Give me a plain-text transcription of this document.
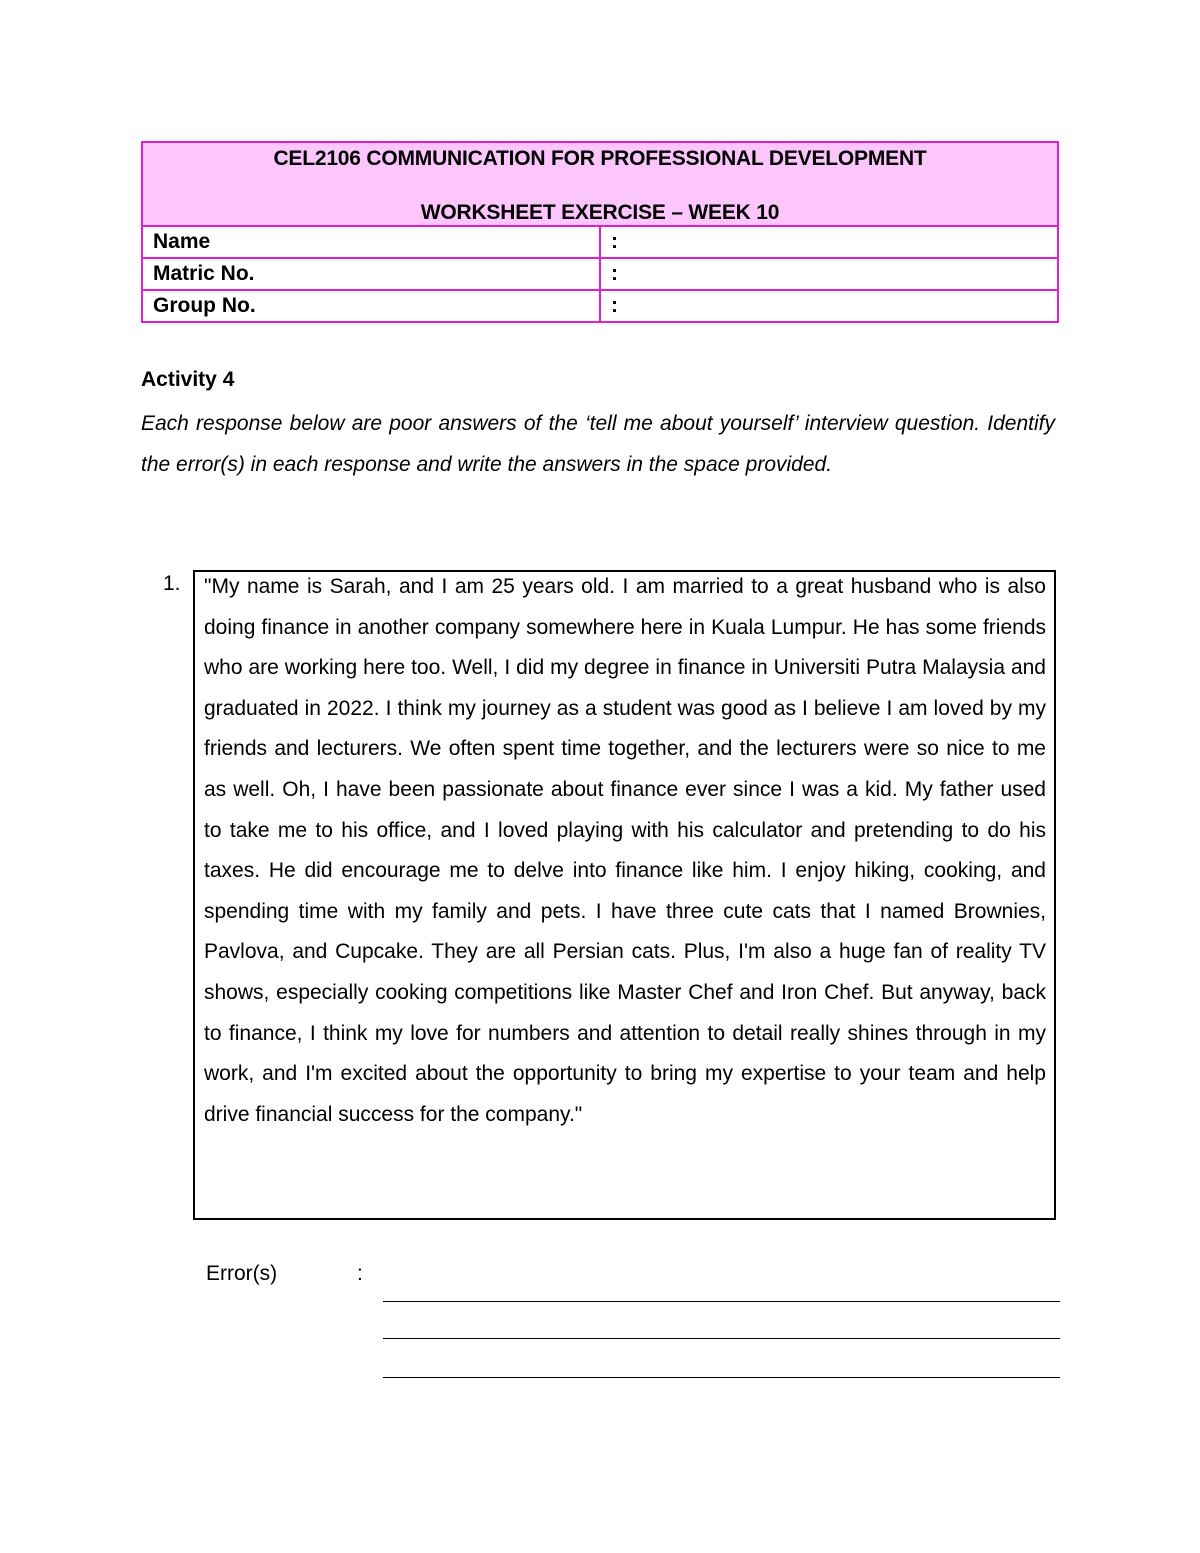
CEL2106 COMMUNICATION FOR PROFESSIONAL DEVELOPMENT
WORKSHEET EXERCISE – WEEK 10	

Name	:
Matric No.	:
Group No.	:
Activity 4
Each response below are poor answers of the ‘tell me about yourself’ interview question. Identify the error(s) in each response and write the answers in the space provided.
1. "My name is Sarah, and I am 25 years old. I am married to a great husband who is also doing finance in another company somewhere here in Kuala Lumpur. He has some friends who are working here too. Well, I did my degree in finance in Universiti Putra Malaysia and graduated in 2022. I think my journey as a student was good as I believe I am loved by my friends and lecturers. We often spent time together, and the lecturers were so nice to me as well. Oh, I have been passionate about finance ever since I was a kid. My father used to take me to his office, and I loved playing with his calculator and pretending to do his taxes. He did encourage me to delve into finance like him. I enjoy hiking, cooking, and spending time with my family and pets. I have three cute cats that I named Brownies, Pavlova, and Cupcake. They are all Persian cats. Plus, I'm also a huge fan of reality TV shows, especially cooking competitions like Master Chef and Iron Chef. But anyway, back to finance, I think my love for numbers and attention to detail really shines through in my work, and I'm excited about the opportunity to bring my expertise to your team and help drive financial success for the company."
Error(s)	:
